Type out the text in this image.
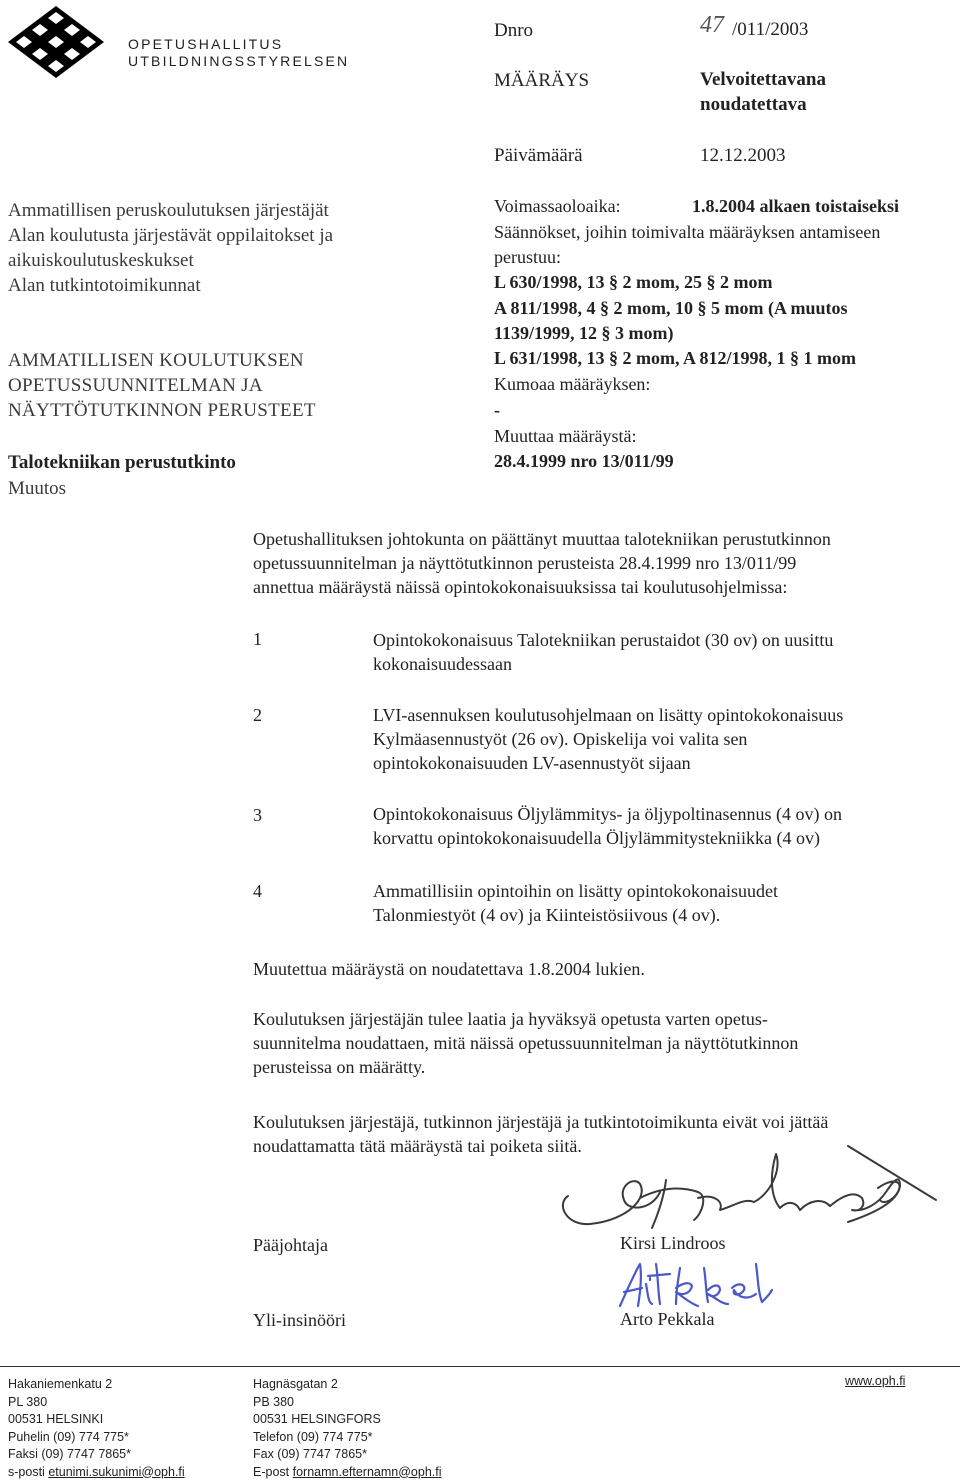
OPETUSHALLITUS
UTBILDNINGSSTYRELSEN
Dnro	47 /011/2003
MÄÄRÄYS	Velvoitettavana
noudatettava
Päivämäärä	12.12.2003
Ammatillisen peruskoulutuksen järjestäjät
Alan koulutusta järjestävät oppilaitokset ja
aikuiskoulutuskeskukset
Alan tutkintotoimikunnat
AMMATILLISEN KOULUTUKSEN
OPETUSSUUNNITELMAN JA
NÄYTTÖTUTKINNON PERUSTEET
Talotekniikan perustutkinto
Muutos
Voimassaoloaika:	1.8.2004 alkaen toistaiseksi
Säännökset, joihin toimivalta määräyksen antamiseen
perustuu:
L 630/1998, 13 § 2 mom, 25 § 2 mom
A 811/1998, 4 § 2 mom, 10 § 5 mom (A muutos
1139/1999, 12 § 3 mom)
L 631/1998, 13 § 2 mom, A 812/1998, 1 § 1 mom
Kumoaa määräyksen:
-
Muuttaa määräystä:
28.4.1999 nro 13/011/99
Opetushallituksen johtokunta on päättänyt muuttaa talotekniikan perustutkinnon
opetussuunnitelman ja näyttötutkinnon perusteista 28.4.1999 nro 13/011/99
annettua määräystä näissä opintokokonaisuuksissa tai koulutusohjelmissa:
1	Opintokokonaisuus Talotekniikan perustaidot (30 ov) on uusittu
kokonaisuudessaan
2	LVI-asennuksen koulutusohjelmaan on lisätty opintokokonaisuus
Kylmäasennustyöt (26 ov). Opiskelija voi valita sen
opintokokonaisuuden LV-asennustyöt sijaan
3	Opintokokonaisuus Öljylämmitys- ja öljypoltinasennus (4 ov) on
korvattu opintokokonaisuudella Öljylämmitystekniikka (4 ov)
4	Ammatillisiin opintoihin on lisätty opintokokonaisuudet
Talonmiestyöt (4 ov) ja Kiinteistösiivous (4 ov).
Muutettua määräystä on noudatettava 1.8.2004 lukien.
Koulutuksen järjestäjän tulee laatia ja hyväksyä opetusta varten opetus-
suunnitelma noudattaen, mitä näissä opetussuunnitelman ja näyttötutkinnon
perusteissa on määrätty.
Koulutuksen järjestäjä, tutkinnon järjestäjä ja tutkintotoimikunta eivät voi jättää
noudattamatta tätä määräystä tai poiketa siitä.
Pääjohtaja	Kirsi Lindroos
Yli-insinööri	Arto Pekkala
Hakaniemenkatu 2
PL 380
00531 HELSINKI
Puhelin (09) 774 775*
Faksi (09) 7747 7865*
s-posti etunimi.sukunimi@oph.fi
Hagnäsgatan 2
PB 380
00531 HELSINGFORS
Telefon (09) 774 775*
Fax (09) 7747 7865*
E-post fornamn.efternamn@oph.fi
www.oph.fi
